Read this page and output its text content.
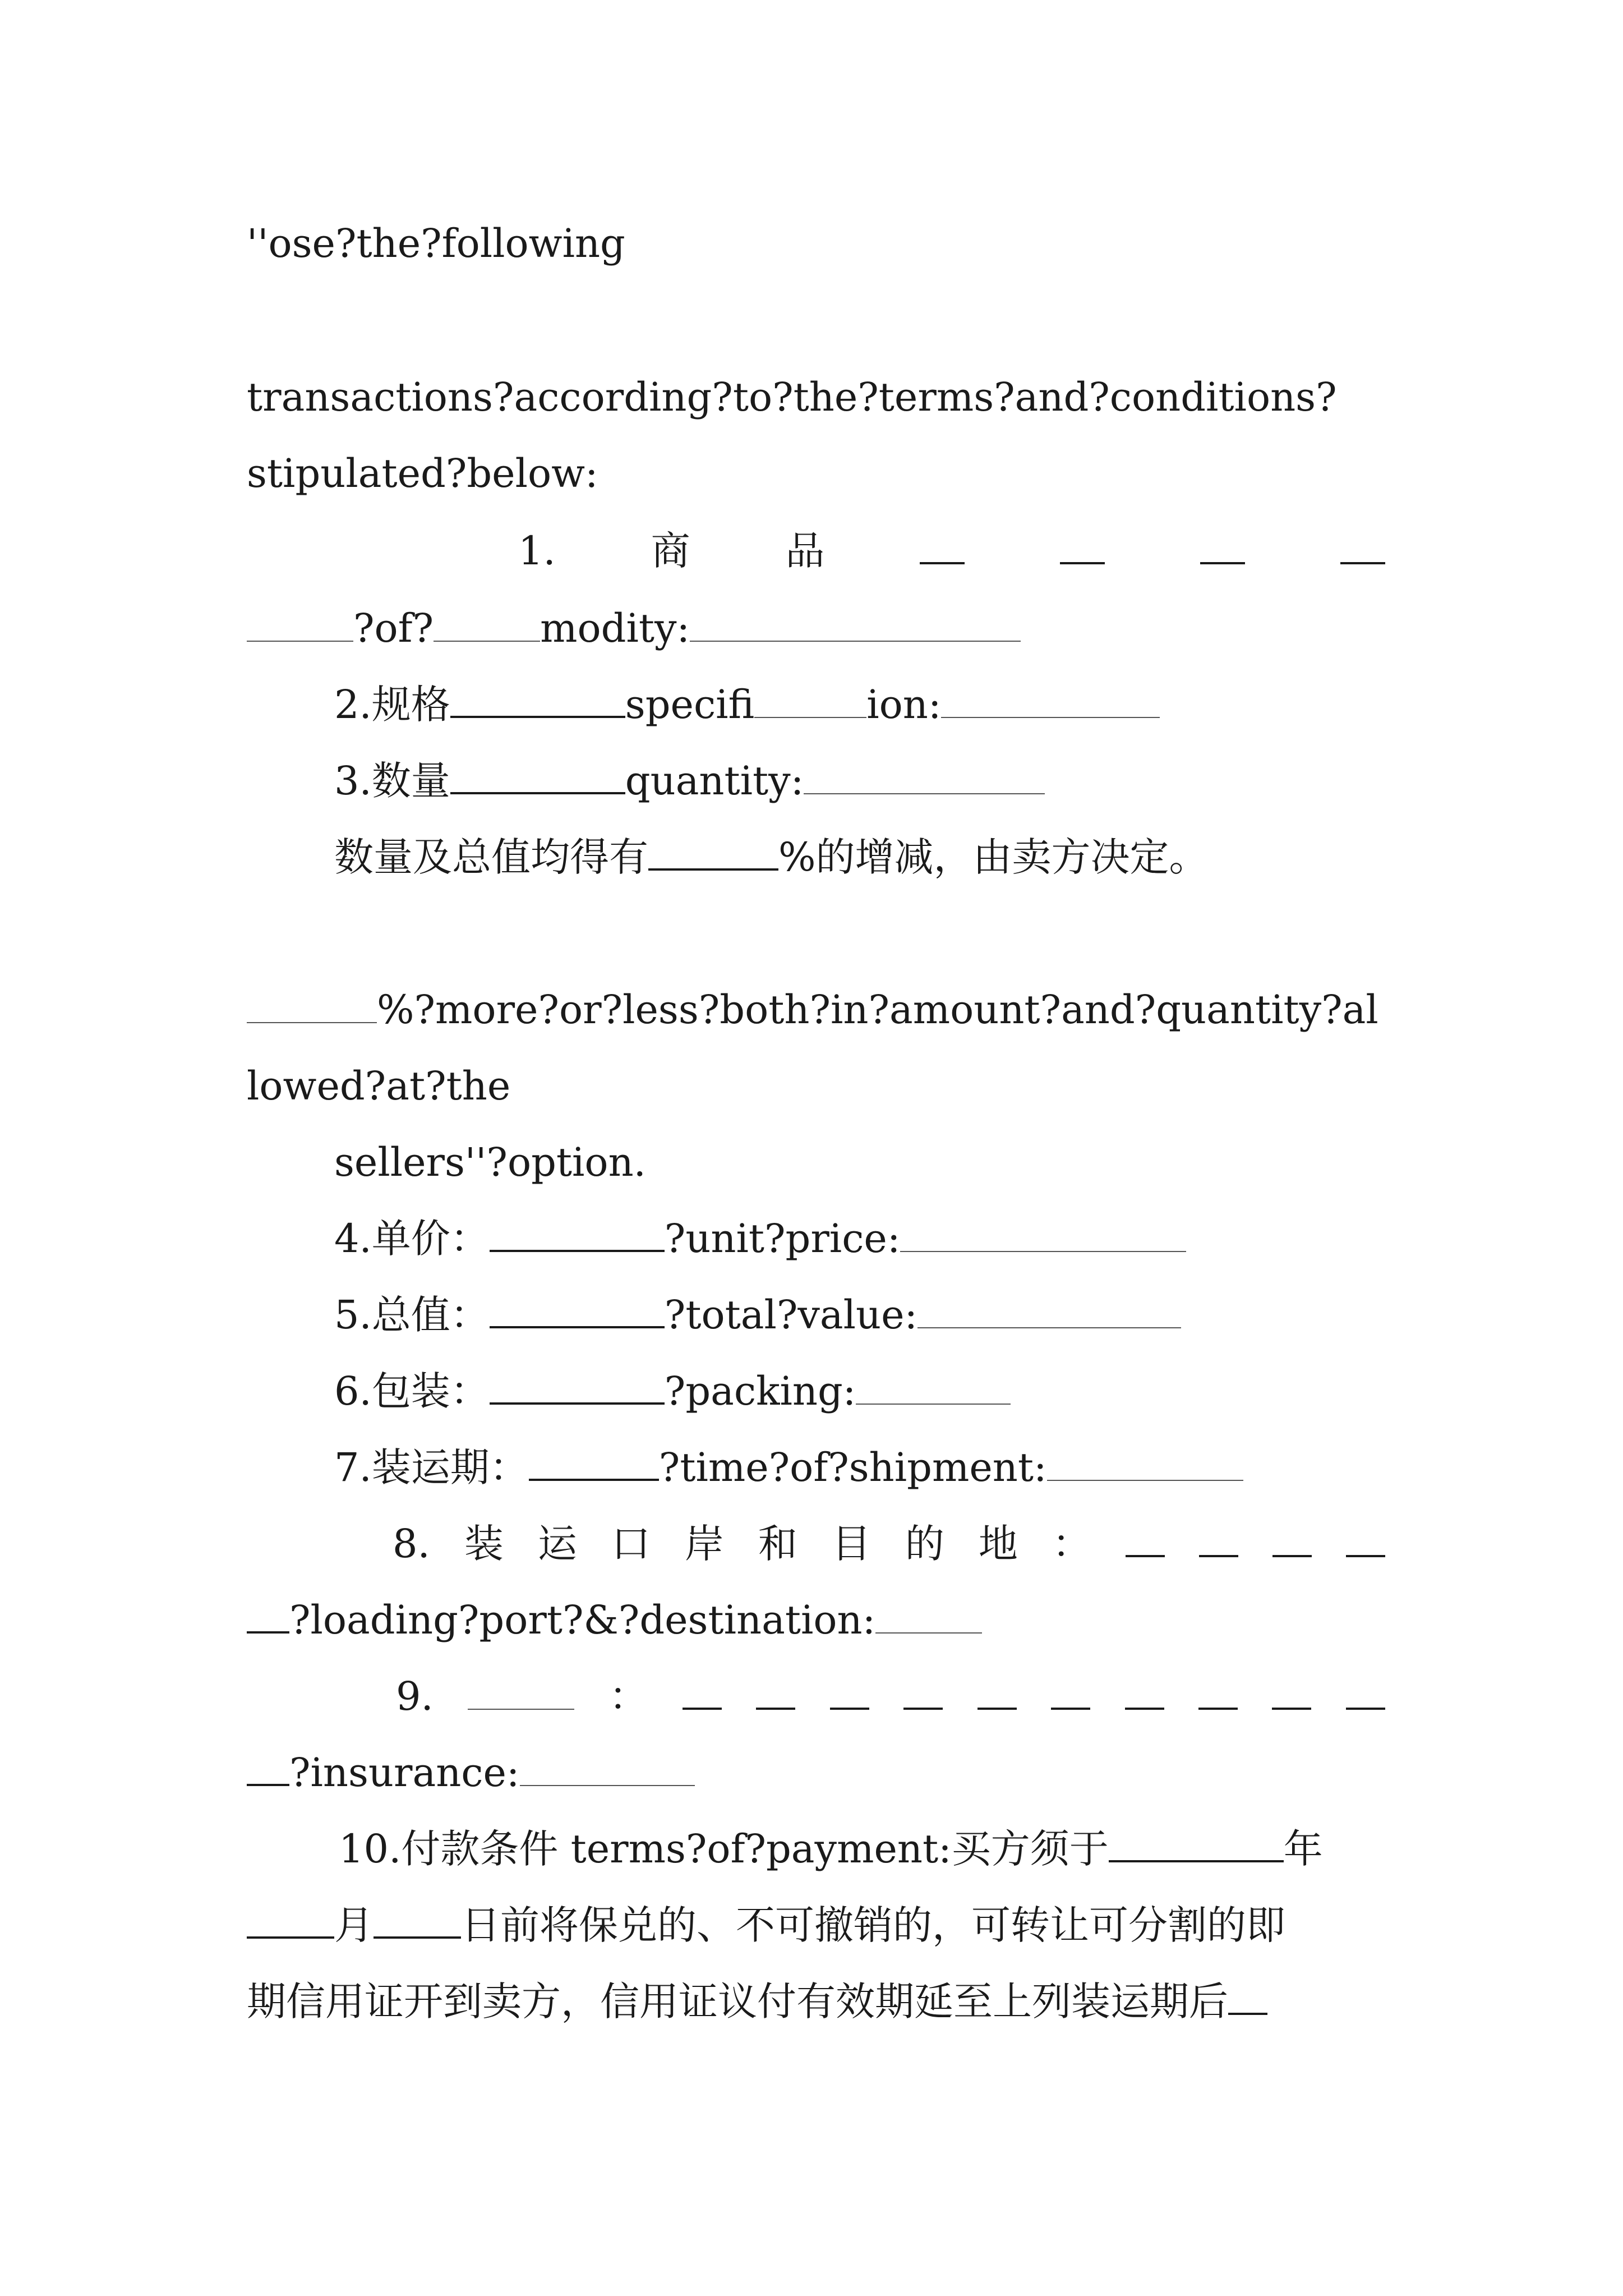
''ose?the?following
transactions?according?to?the?terms?and?conditions?
stipulated?below:
1. 商 品
?of?	modity:
2.规格	specifi	ion:
3.数量	quantity:
数量及总值均得有	%的增减，由卖方决定。
%?more?or?less?both?in?amount?and?quantity?al
lowed?at?the
sellers''?option.
4.单价：	?unit?price:
5.总值：	?total?value:
6.包装：	?packing:
7.装运期：	?time?of?shipment:
8. 装 运 口 岸 和 目 的 地 ：
?loading?port?&?destination:
9.	：
?insurance:
10.付款条件 terms?of?payment:买方须于	年
月 日前将保兑的、不可撤销的，可转让可分割的即
期信用证开到卖方，信用证议付有效期延至上列装运期后
